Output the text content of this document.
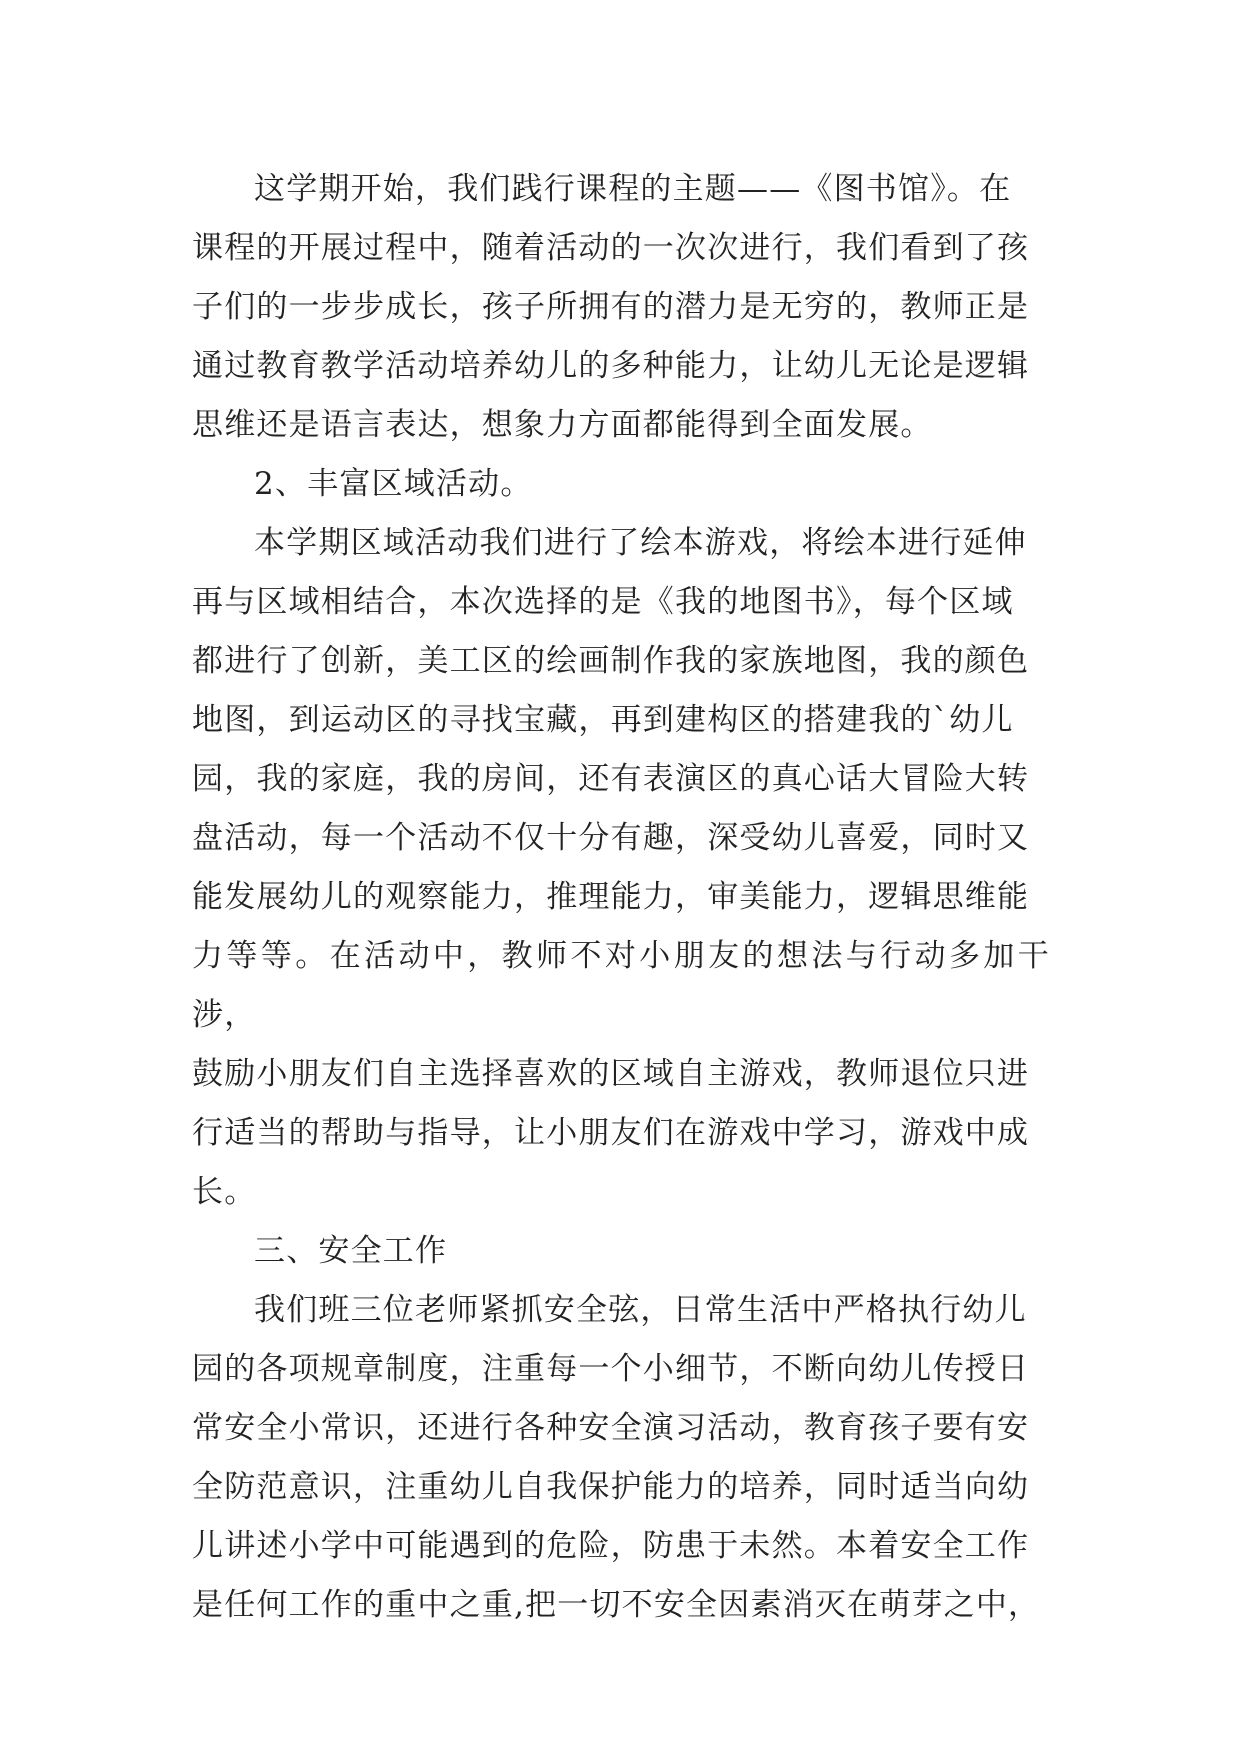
这学期开始，我们践行课程的主题——《图书馆》。在
课程的开展过程中，随着活动的一次次进行，我们看到了孩
子们的一步步成长，孩子所拥有的潜力是无穷的，教师正是
通过教育教学活动培养幼儿的多种能力，让幼儿无论是逻辑
思维还是语言表达，想象力方面都能得到全面发展。

2、丰富区域活动。

本学期区域活动我们进行了绘本游戏，将绘本进行延伸
再与区域相结合，本次选择的是《我的地图书》，每个区域
都进行了创新，美工区的绘画制作我的家族地图，我的颜色
地图，到运动区的寻找宝藏，再到建构区的搭建我的`幼儿
园，我的家庭，我的房间，还有表演区的真心话大冒险大转
盘活动，每一个活动不仅十分有趣，深受幼儿喜爱，同时又
能发展幼儿的观察能力，推理能力，审美能力，逻辑思维能
力等等。在活动中，教师不对小朋友的想法与行动多加干涉，
鼓励小朋友们自主选择喜欢的区域自主游戏，教师退位只进
行适当的帮助与指导，让小朋友们在游戏中学习，游戏中成
长。

三、安全工作

我们班三位老师紧抓安全弦，日常生活中严格执行幼儿
园的各项规章制度，注重每一个小细节，不断向幼儿传授日
常安全小常识，还进行各种安全演习活动，教育孩子要有安
全防范意识，注重幼儿自我保护能力的培养，同时适当向幼
儿讲述小学中可能遇到的危险，防患于未然。本着安全工作
是任何工作的重中之重,把一切不安全因素消灭在萌芽之中，
